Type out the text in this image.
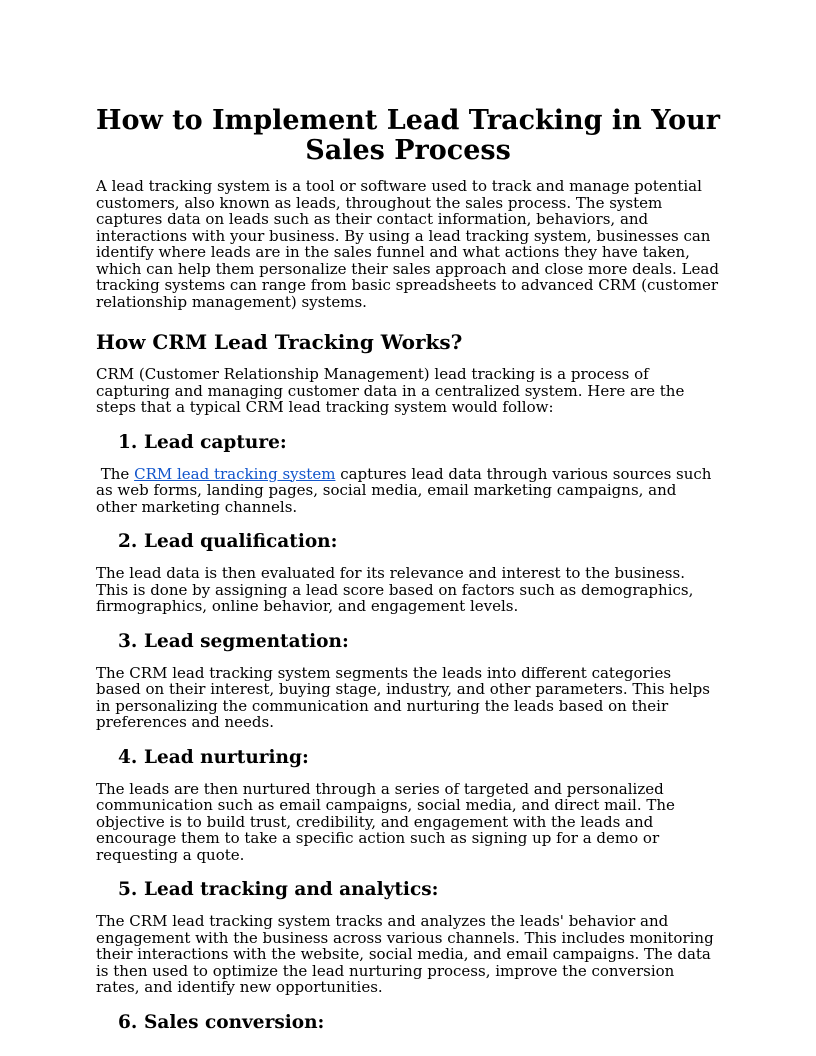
How to Implement Lead Tracking in Your Sales Process

A lead tracking system is a tool or software used to track and manage potential customers, also known as leads, throughout the sales process. The system captures data on leads such as their contact information, behaviors, and interactions with your business. By using a lead tracking system, businesses can identify where leads are in the sales funnel and what actions they have taken, which can help them personalize their sales approach and close more deals. Lead tracking systems can range from basic spreadsheets to advanced CRM (customer relationship management) systems.

How CRM Lead Tracking Works?

CRM (Customer Relationship Management) lead tracking is a process of capturing and managing customer data in a centralized system. Here are the steps that a typical CRM lead tracking system would follow:

1. Lead capture:

The CRM lead tracking system captures lead data through various sources such as web forms, landing pages, social media, email marketing campaigns, and other marketing channels.

2. Lead qualification:

The lead data is then evaluated for its relevance and interest to the business. This is done by assigning a lead score based on factors such as demographics, firmographics, online behavior, and engagement levels.

3. Lead segmentation:

The CRM lead tracking system segments the leads into different categories based on their interest, buying stage, industry, and other parameters. This helps in personalizing the communication and nurturing the leads based on their preferences and needs.

4. Lead nurturing:

The leads are then nurtured through a series of targeted and personalized communication such as email campaigns, social media, and direct mail. The objective is to build trust, credibility, and engagement with the leads and encourage them to take a specific action such as signing up for a demo or requesting a quote.

5. Lead tracking and analytics:

The CRM lead tracking system tracks and analyzes the leads' behavior and engagement with the business across various channels. This includes monitoring their interactions with the website, social media, and email campaigns. The data is then used to optimize the lead nurturing process, improve the conversion rates, and identify new opportunities.

6. Sales conversion:
